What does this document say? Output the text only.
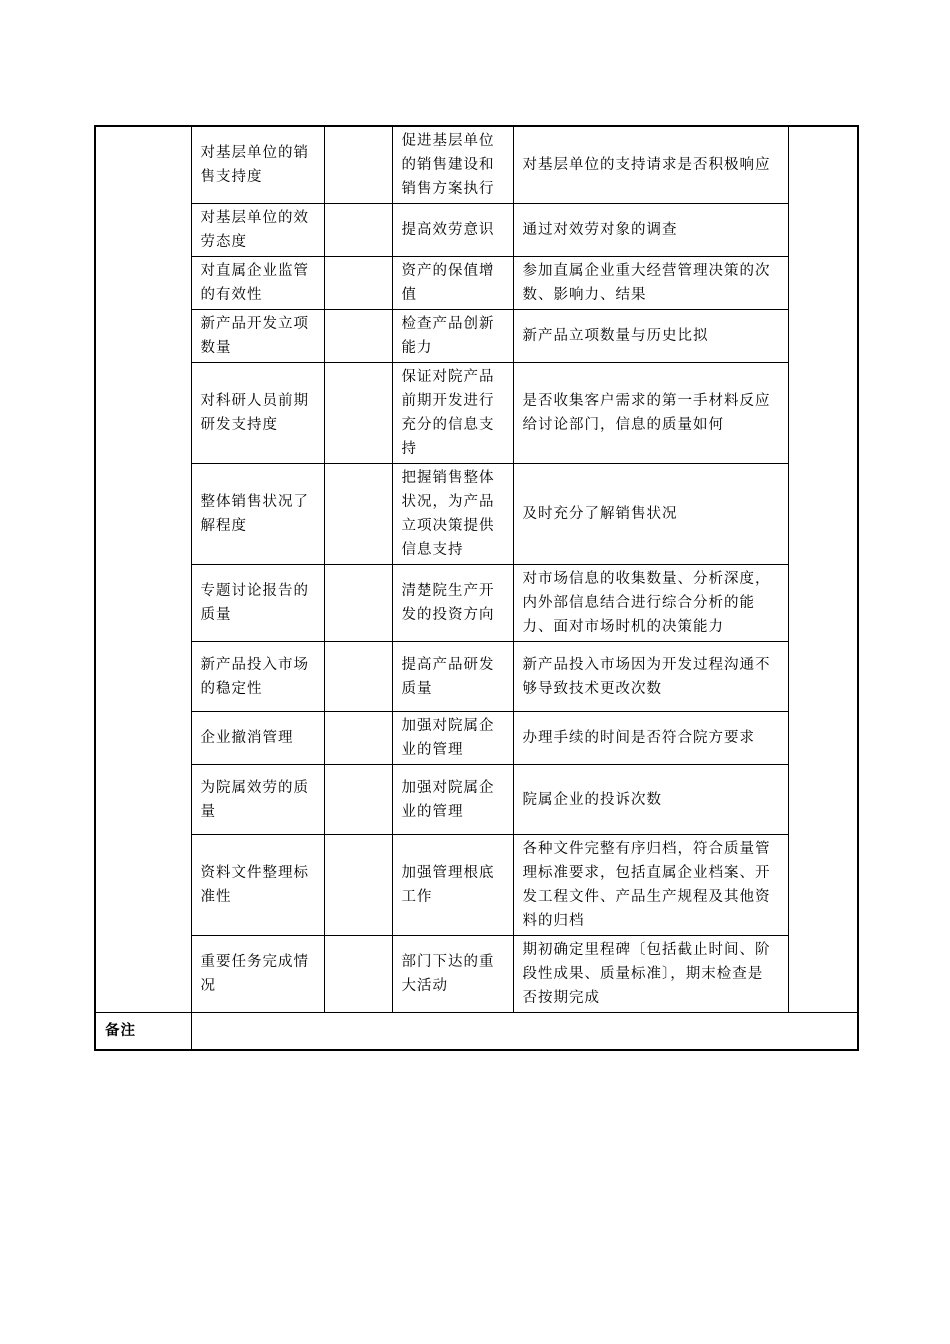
	对基层单位的销售支持度		促进基层单位的销售建设和销售方案执行	对基层单位的支持请求是否积极响应	
	对基层单位的效劳态度		提高效劳意识	通过对效劳对象的调查	
	对直属企业监管的有效性		资产的保值增值	参加直属企业重大经营管理决策的次数、影响力、结果	
	新产品开发立项数量		检查产品创新能力	新产品立项数量与历史比拟	
	对科研人员前期研发支持度		保证对院产品前期开发进行充分的信息支持	是否收集客户需求的第一手材料反应给讨论部门，信息的质量如何	
	整体销售状况了解程度		把握销售整体状况，为产品立项决策提供信息支持	及时充分了解销售状况	
	专题讨论报告的质量		清楚院生产开发的投资方向	对市场信息的收集数量、分析深度，内外部信息结合进行综合分析的能力、面对市场时机的决策能力	
	新产品投入市场的稳定性		提高产品研发质量	新产品投入市场因为开发过程沟通不够导致技术更改次数	
	企业撤消管理		加强对院属企业的管理	办理手续的时间是否符合院方要求	
	为院属效劳的质量		加强对院属企业的管理	院属企业的投诉次数	
	资料文件整理标准性		加强管理根底工作	各种文件完整有序归档，符合质量管理标准要求，包括直属企业档案、开发工程文件、产品生产规程及其他资料的归档	
	重要任务完成情况		部门下达的重大活动	期初确定里程碑〔包括截止时间、阶段性成果、质量标准〕，期末检查是否按期完成	
备注					
